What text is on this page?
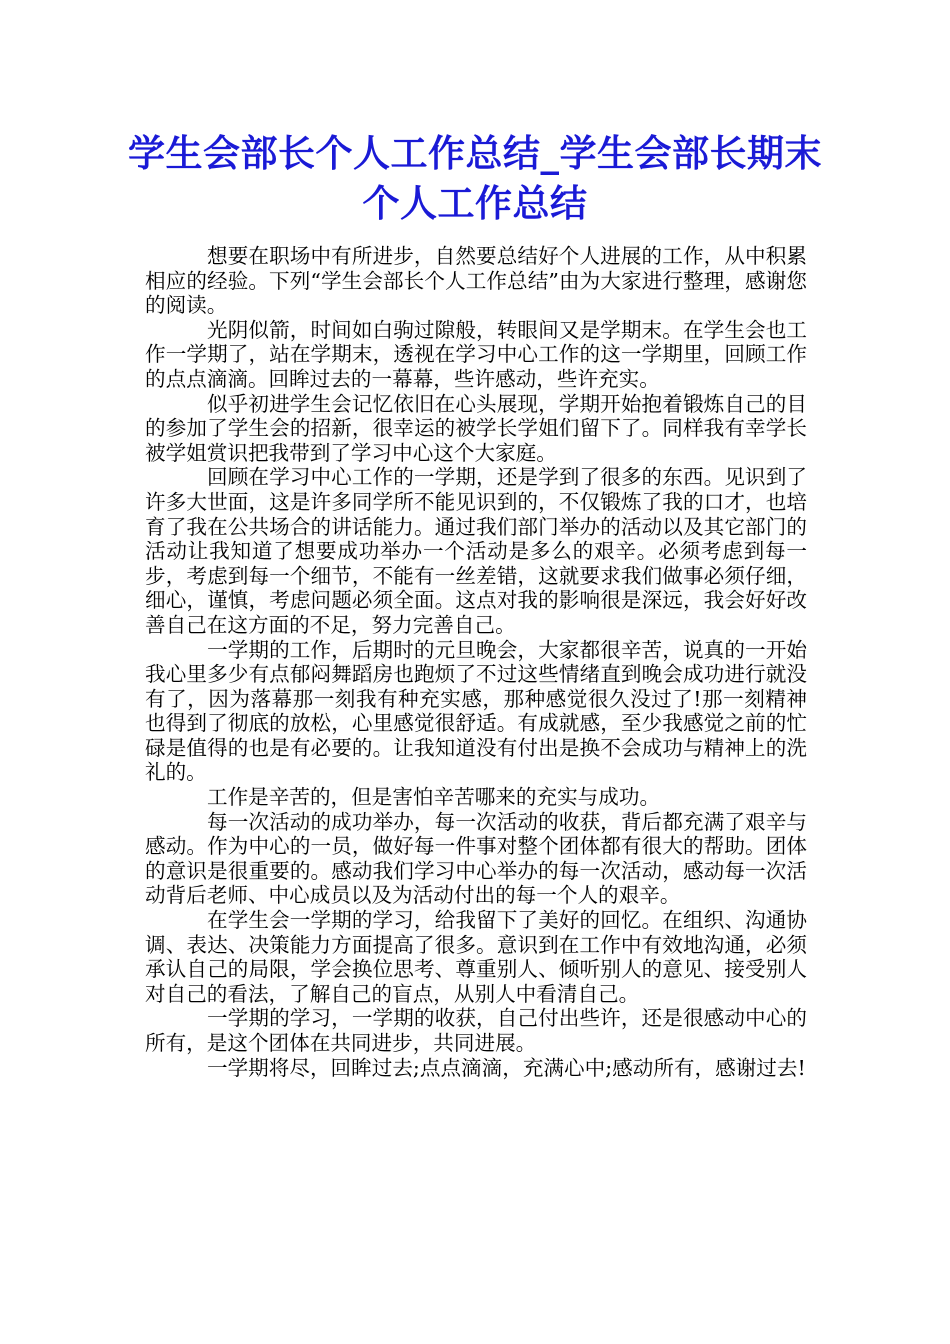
学生会部长个人工作总结_学生会部长期末个人工作总结

想要在职场中有所进步，自然要总结好个人进展的工作，从中积累相应的经验。下列“学生会部长个人工作总结”由为大家进行整理，感谢您的阅读。

光阴似箭，时间如白驹过隙般，转眼间又是学期末。在学生会也工作一学期了，站在学期末，透视在学习中心工作的这一学期里，回顾工作的点点滴滴。回眸过去的一幕幕，些许感动，些许充实。

似乎初进学生会记忆依旧在心头展现，学期开始抱着锻炼自己的目的参加了学生会的招新，很幸运的被学长学姐们留下了。同样我有幸学长被学姐赏识把我带到了学习中心这个大家庭。

回顾在学习中心工作的一学期，还是学到了很多的东西。见识到了许多大世面，这是许多同学所不能见识到的，不仅锻炼了我的口才，也培育了我在公共场合的讲话能力。通过我们部门举办的活动以及其它部门的活动让我知道了想要成功举办一个活动是多么的艰辛。必须考虑到每一步，考虑到每一个细节，不能有一丝差错，这就要求我们做事必须仔细，细心，谨慎，考虑问题必须全面。这点对我的影响很是深远，我会好好改善自己在这方面的不足，努力完善自己。

一学期的工作，后期时的元旦晚会，大家都很辛苦，说真的一开始我心里多少有点郁闷舞蹈房也跑烦了不过这些情绪直到晚会成功进行就没有了，因为落幕那一刻我有种充实感，那种感觉很久没过了!那一刻精神也得到了彻底的放松，心里感觉很舒适。有成就感，至少我感觉之前的忙碌是值得的也是有必要的。让我知道没有付出是换不会成功与精神上的洗礼的。

工作是辛苦的，但是害怕辛苦哪来的充实与成功。

每一次活动的成功举办，每一次活动的收获，背后都充满了艰辛与感动。作为中心的一员，做好每一件事对整个团体都有很大的帮助。团体的意识是很重要的。感动我们学习中心举办的每一次活动，感动每一次活动背后老师、中心成员以及为活动付出的每一个人的艰辛。

在学生会一学期的学习，给我留下了美好的回忆。在组织、沟通协调、表达、决策能力方面提高了很多。意识到在工作中有效地沟通，必须承认自己的局限，学会换位思考、尊重别人、倾听别人的意见、接受别人对自己的看法，了解自己的盲点，从别人中看清自己。

一学期的学习，一学期的收获，自己付出些许，还是很感动中心的所有，是这个团体在共同进步，共同进展。

一学期将尽，回眸过去;点点滴滴，充满心中;感动所有，感谢过去!
